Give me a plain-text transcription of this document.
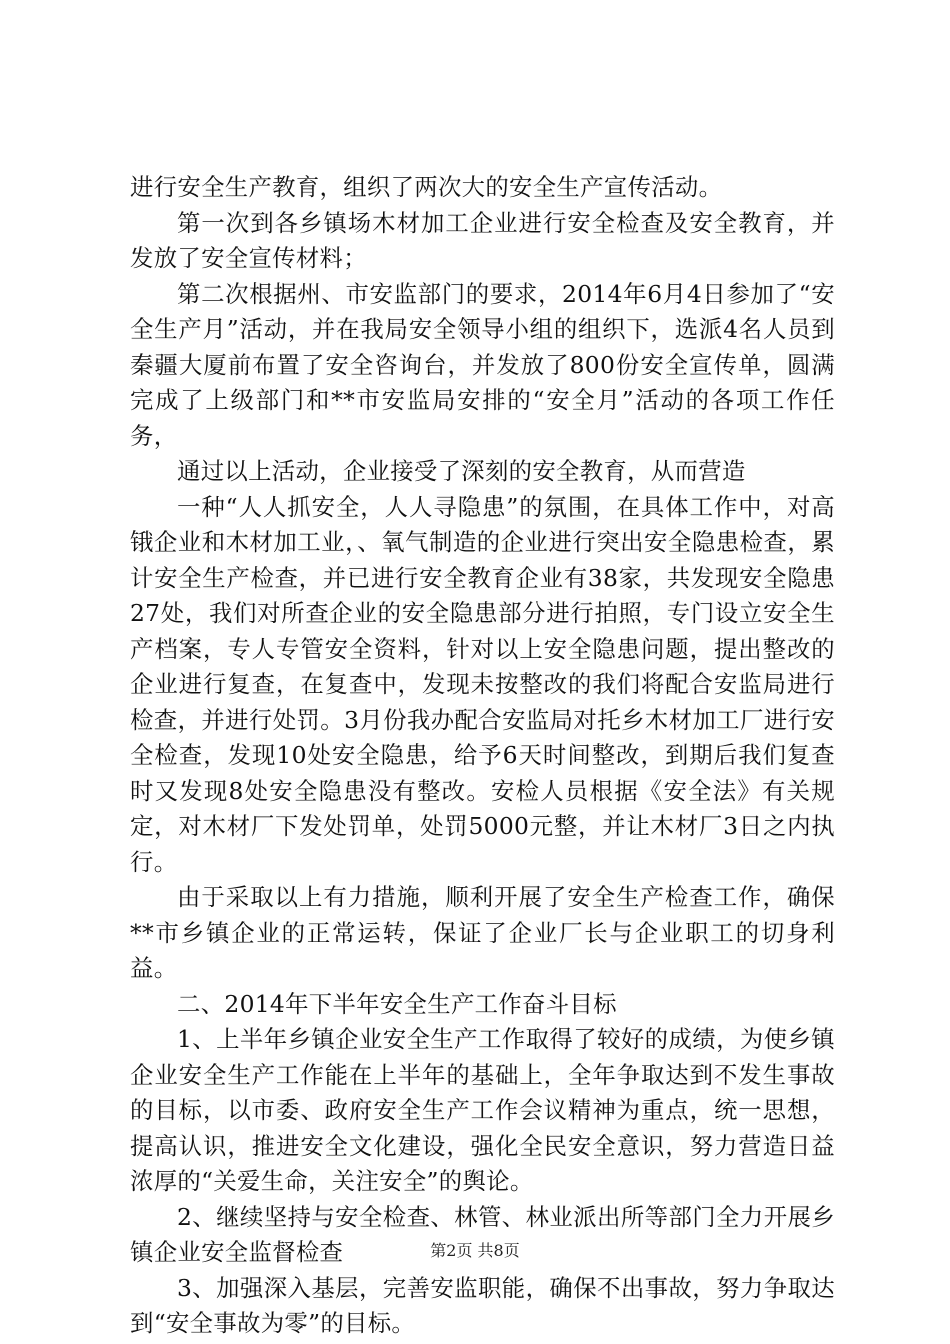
进行安全生产教育，组织了两次大的安全生产宣传活动。

第一次到各乡镇场木材加工企业进行安全检查及安全教育，并发放了安全宣传材料；

第二次根据州、市安监部门的要求，2014年6月4日参加了“安全生产月”活动，并在我局安全领导小组的组织下，选派4名人员到秦疆大厦前布置了安全咨询台，并发放了800份安全宣传单，圆满完成了上级部门和**市安监局安排的“安全月”活动的各项工作任务，

通过以上活动，企业接受了深刻的安全教育，从而营造

一种“人人抓安全，人人寻隐患”的氛围，在具体工作中，对高锇企业和木材加工业，、氧气制造的企业进行突出安全隐患检查，累计安全生产检查，并已进行安全教育企业有38家，共发现安全隐患27处，我们对所查企业的安全隐患部分进行拍照，专门设立安全生产档案，专人专管安全资料，针对以上安全隐患问题，提出整改的企业进行复查，在复查中，发现未按整改的我们将配合安监局进行检查，并进行处罚。3月份我办配合安监局对托乡木材加工厂进行安全检查，发现10处安全隐患，给予6天时间整改，到期后我们复查时又发现8处安全隐患没有整改。安检人员根据《安全法》有关规定，对木材厂下发处罚单，处罚5000元整，并让木材厂3日之内执行。

由于采取以上有力措施，顺利开展了安全生产检查工作，确保**市乡镇企业的正常运转，保证了企业厂长与企业职工的切身利益。

二、2014年下半年安全生产工作奋斗目标

1、上半年乡镇企业安全生产工作取得了较好的成绩，为使乡镇企业安全生产工作能在上半年的基础上，全年争取达到不发生事故的目标，以市委、政府安全生产工作会议精神为重点，统一思想，提高认识，推进安全文化建设，强化全民安全意识，努力营造日益浓厚的“关爱生命，关注安全”的舆论。

2、继续坚持与安全检查、林管、林业派出所等部门全力开展乡镇企业安全监督检查

3、加强深入基层，完善安监职能，确保不出事故，努力争取达到“安全事故为零”的目标。

第2页 共8页
